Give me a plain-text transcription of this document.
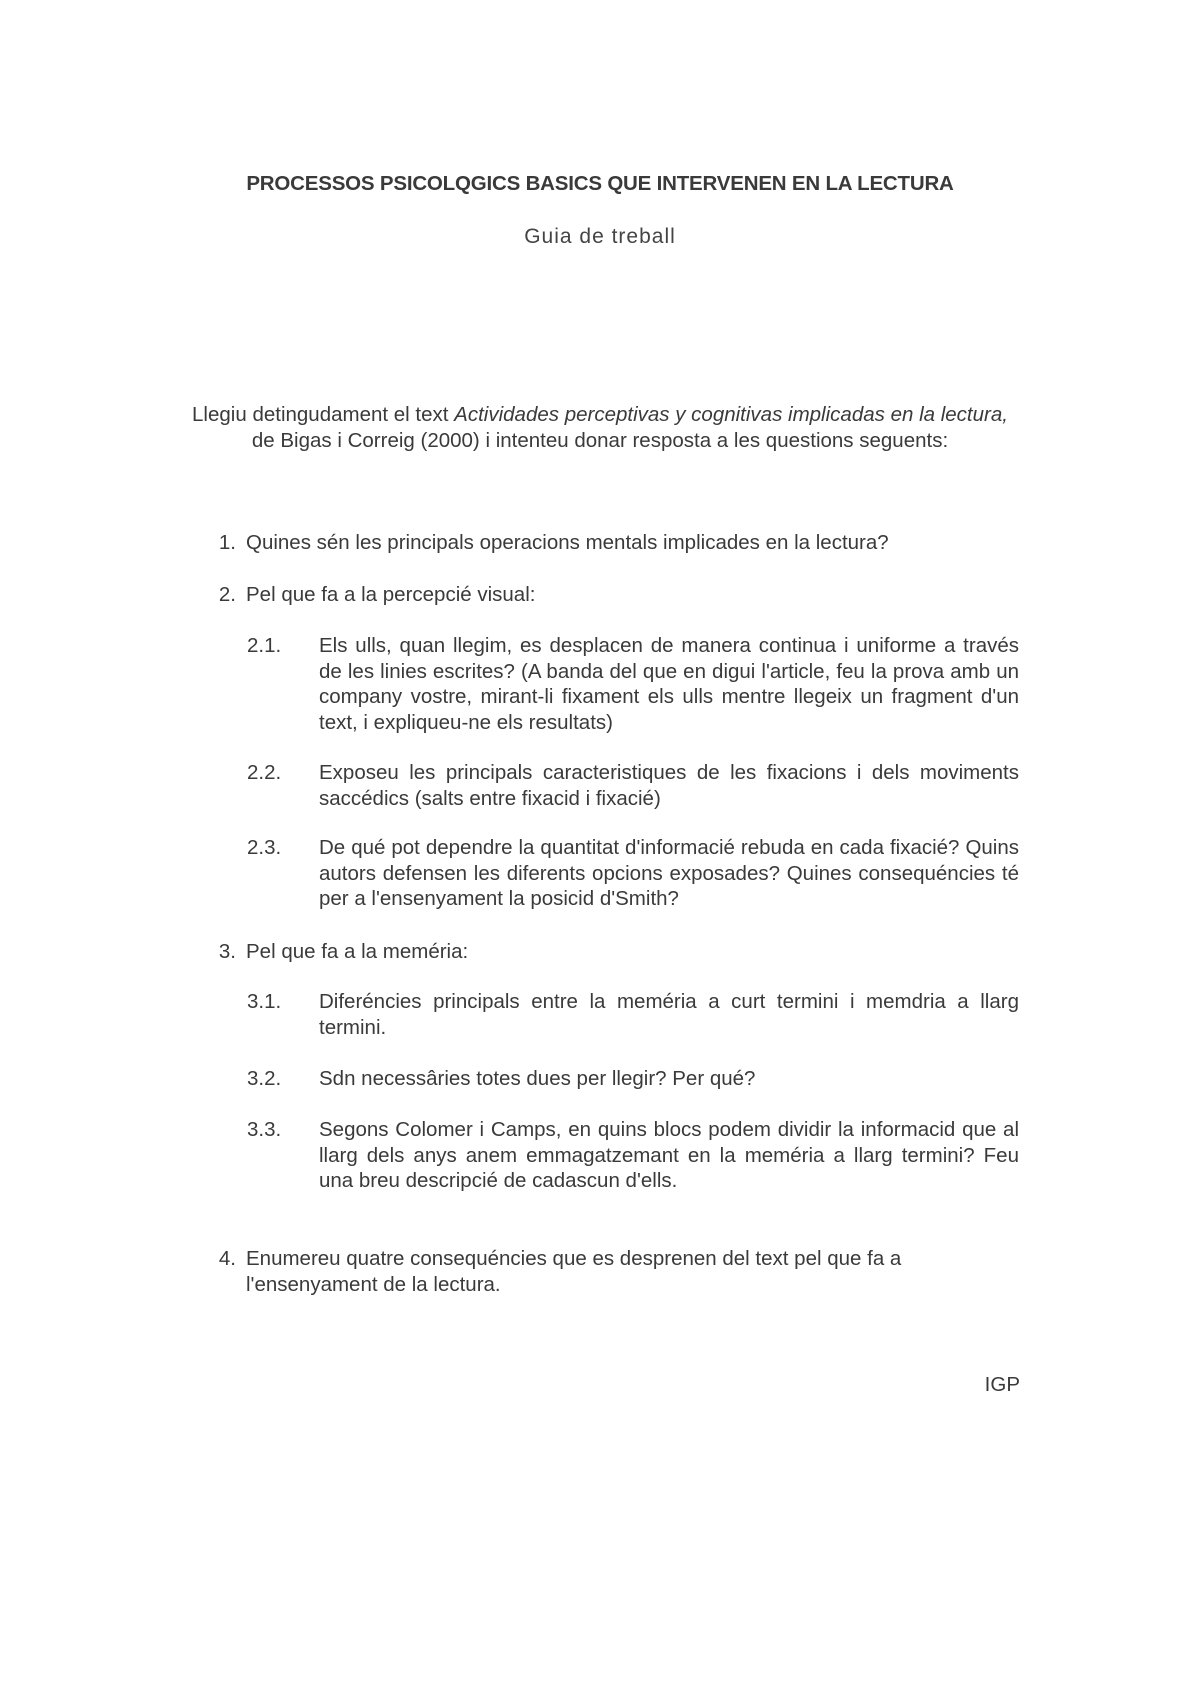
PROCESSOS PSICOLQGICS BASICS QUE INTERVENEN EN LA LECTURA
Guia de treball
Llegiu detingudament el text Actividades perceptivas y cognitivas implicadas en la lectura, de Bigas i Correig (2000) i intenteu donar resposta a les questions seguents:
1. Quines sén les principals operacions mentals implicades en la lectura?
2. Pel que fa a la percepcié visual:
2.1. Els ulls, quan llegim, es desplacen de manera continua i uniforme a través de les linies escrites? (A banda del que en digui l'article, feu la prova amb un company vostre, mirant-li fixament els ulls mentre llegeix un fragment d'un text, i expliqueu-ne els resultats)
2.2. Exposeu les principals caracteristiques de les fixacions i dels moviments saccédics (salts entre fixacid i fixacié)
2.3. De qué pot dependre la quantitat d'informacié rebuda en cada fixacié? Quins autors defensen les diferents opcions exposades? Quines consequéncies té per a l'ensenyament la posicid d'Smith?
3. Pel que fa a la meméria:
3.1. Diferéncies principals entre la meméria a curt termini i memdria a llarg termini.
3.2. Sdn necessâries totes dues per llegir? Per qué?
3.3. Segons Colomer i Camps, en quins blocs podem dividir la informacid que al llarg dels anys anem emmagatzemant en la meméria a llarg termini? Feu una breu descripcié de cadascun d'ells.
4. Enumereu quatre consequéncies que es desprenen del text pel que fa a l'ensenyament de la lectura.
IGP
